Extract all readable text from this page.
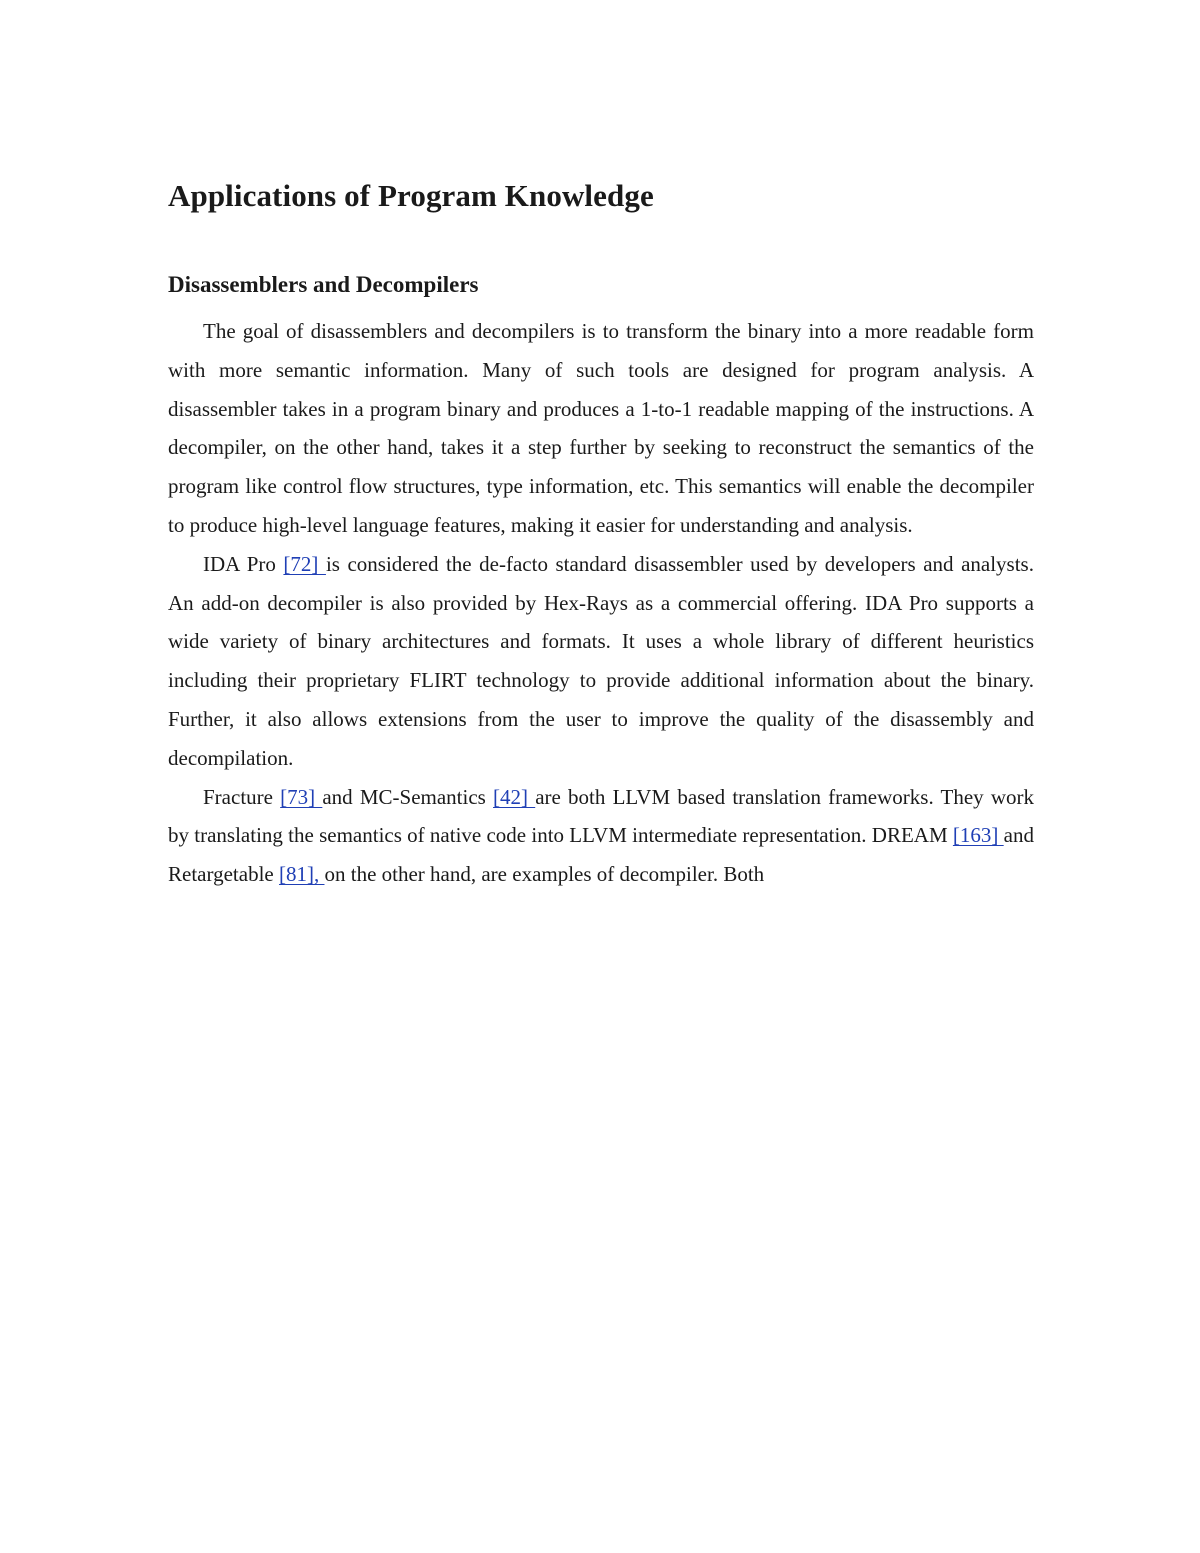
Applications of Program Knowledge
Disassemblers and Decompilers

The goal of disassemblers and decompilers is to transform the binary into a more readable form with more semantic information. Many of such tools are designed for program analysis. A disassembler takes in a program binary and produces a 1-to-1 readable mapping of the instructions. A decompiler, on the other hand, takes it a step further by seeking to reconstruct the semantics of the program like control flow structures, type information, etc. This semantics will enable the decompiler to produce high-level language features, making it easier for understanding and analysis.

IDA Pro [72] is considered the de-facto standard disassembler used by developers and analysts. An add-on decompiler is also provided by Hex-Rays as a commercial offering. IDA Pro supports a wide variety of binary architectures and formats. It uses a whole library of different heuristics including their proprietary FLIRT technology to provide additional information about the binary. Further, it also allows extensions from the user to improve the quality of the disassembly and decompilation.

Fracture [73] and MC-Semantics [42] are both LLVM based translation frameworks. They work by translating the semantics of native code into LLVM intermediate representation. DREAM [163] and Retargetable [81], on the other hand, are examples of decompiler. Both
